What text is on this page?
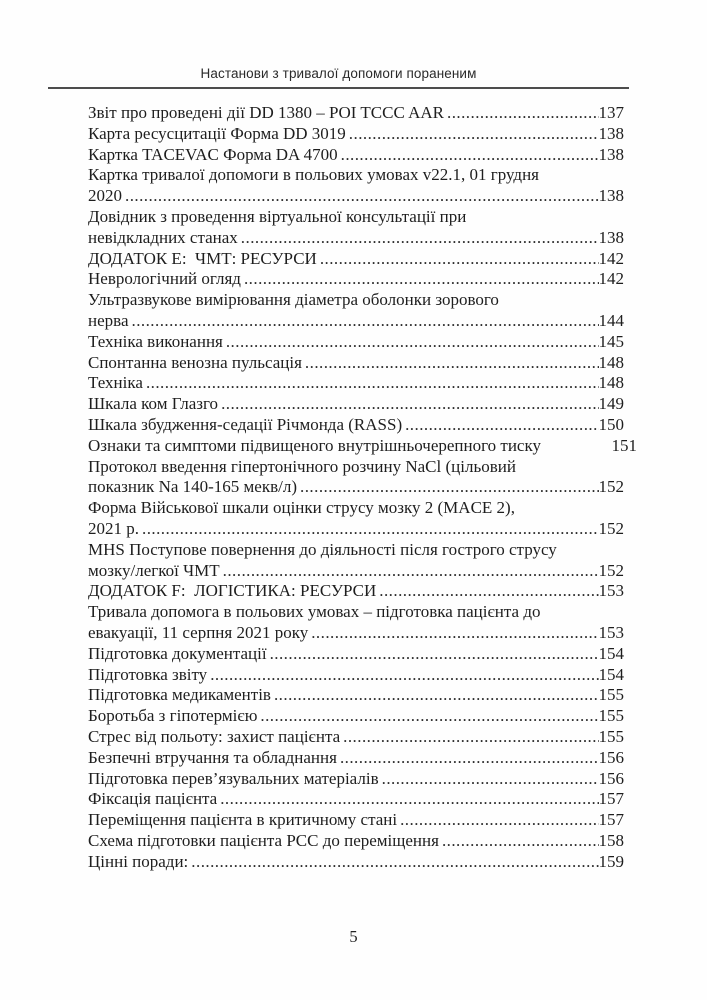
Настанови з тривалої допомоги пораненим
Звіт про проведені дії DD 1380 – POI TCCC AAR .....	137
Карта ресусцитації Форма DD 3019 .....	138
Картка TACEVAC Форма DA 4700 .....	138
Картка тривалої допомоги в польових умовах v22.1, 01 грудня
2020 .....	138
Довідник з проведення віртуальної консультації при
невідкладних станах .....	138
ДОДАТОК E:  ЧМТ: РЕСУРСИ .....	142
Неврологічний огляд .....	142
Ультразвукове вимірювання діаметра оболонки зорового
нерва .....	144
Техніка виконання .....	145
Спонтанна венозна пульсація .....	148
Техніка .....	148
Шкала ком Глазго .....	149
Шкала збудження-седації Річмонда (RASS) .....	150
Ознаки та симптоми підвищеного внутрішньочерепного тиску	151
Протокол введення гіпертонічного розчину NaCl (цільовий
показник Na 140-165 мекв/л) .....	152
Форма Військової шкали оцінки струсу мозку 2 (MACE 2),
2021 р. .....	152
MHS Поступове повернення до діяльності після гострого струсу
мозку/легкої ЧМТ .....	152
ДОДАТОК F:  ЛОГІСТИКА: РЕСУРСИ .....	153
Тривала допомога в польових умовах – підготовка пацієнта до
евакуації, 11 серпня 2021 року .....	153
Підготовка документації .....	154
Підготовка звіту .....	154
Підготовка медикаментів .....	155
Боротьба з гіпотермією .....	155
Стрес від польоту: захист пацієнта .....	155
Безпечні втручання та обладнання .....	156
Підготовка перев’язувальних матеріалів .....	156
Фіксація пацієнта .....	157
Переміщення пацієнта в критичному стані .....	157
Схема підготовки пацієнта PCC до переміщення .....	158
Цінні поради: .....	159
5
